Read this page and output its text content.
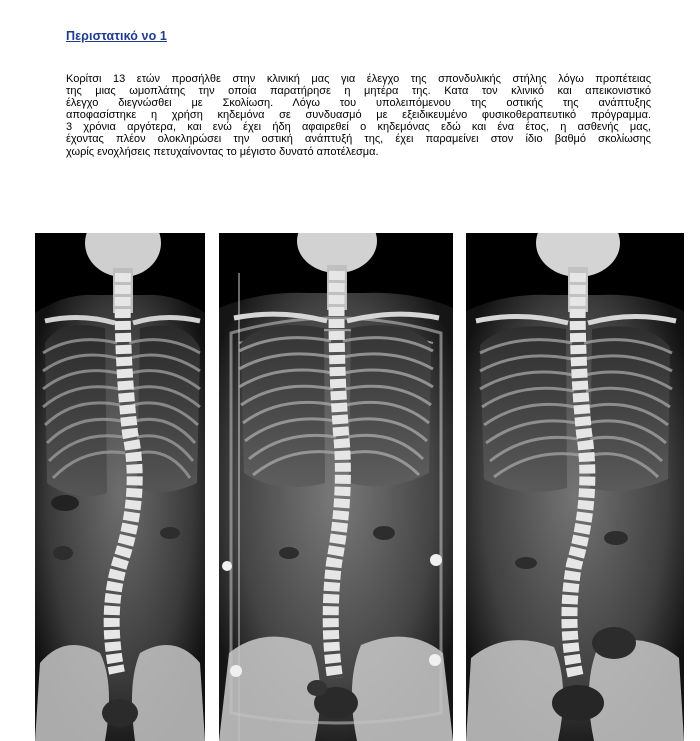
Περιστατικό νο 1

Κορίτσι 13 ετών προσήλθε στην κλινική μας για έλεγχο της σπονδυλικής στήλης λόγω προπέτειας
της μιας ωμοπλάτης την οποία παρατήρησε η μητέρα της. Κατα τον κλινικό και απεικονιστικό
έλεγχο διεγνώσθει με Σκολίωση. Λόγω του υπολειπόμενου της οστικής της ανάπτυξης
αποφασίστηκε η χρήση κηδεμόνα σε συνδυασμό με εξειδικευμένο φυσικοθεραπευτικό πρόγραμμα.
3 χρόνια αργότερα, και ενώ έχει ήδη αφαιρεθεί ο κηδεμόνας εδώ και ένα έτος, η ασθενής μας,
έχοντας πλέον ολοκληρώσει την οστική ανάπτυξή της, έχει παραμείνει στον ίδιο βαθμό σκολίωσης
χωρίς ενοχλήσεις πετυχαίνοντας το μέγιστο δυνατό αποτέλεσμα.
